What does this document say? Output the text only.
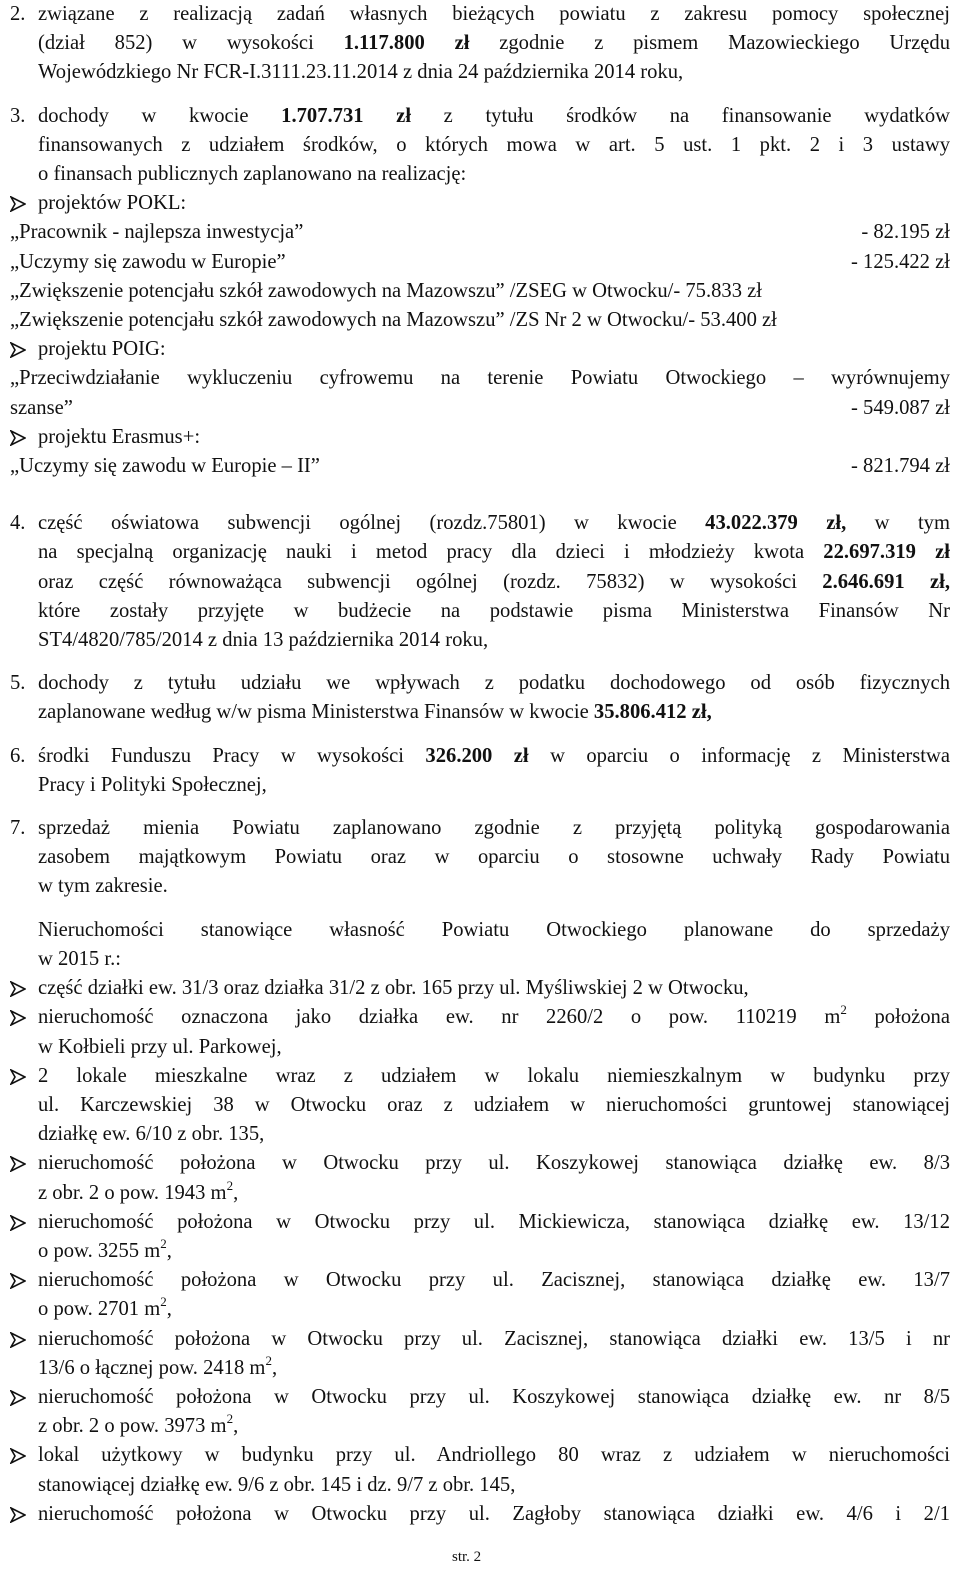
2. związane z realizacją zadań własnych bieżących powiatu z zakresu pomocy społecznej

(dział 852) w wysokości 1.117.800 zł zgodnie z pismem Mazowieckiego Urzędu

Wojewódzkiego Nr FCR-I.3111.23.11.2014 z dnia 24 października 2014 roku,

3. dochody w kwocie 1.707.731 zł z tytułu środków na finansowanie wydatków

finansowanych z udziałem środków, o których mowa w art. 5 ust. 1 pkt. 2 i 3 ustawy

o finansach publicznych zaplanowano na realizację:

projektów POKL:
„Pracownik - najlepsza inwestycja”	- 82.195 zł
„Uczymy się zawodu w Europie”	- 125.422 zł
„Zwiększenie potencjału szkół zawodowych na Mazowszu” /ZSEG w Otwocku/- 75.833 zł
„Zwiększenie potencjału szkół zawodowych na Mazowszu” /ZS Nr 2 w Otwocku/- 53.400 zł
projektu POIG:

„Przeciwdziałanie wykluczeniu cyfrowemu na terenie Powiatu Otwockiego – wyrównujemy

szanse”	- 549.087 zł
projektu Erasmus+:
„Uczymy się zawodu w Europie – II”	- 821.794 zł
4. część oświatowa subwencji ogólnej (rozdz.75801) w kwocie 43.022.379 zł, w tym

na specjalną organizację nauki i metod pracy dla dzieci i młodzieży kwota 22.697.319 zł

oraz część równoważąca subwencji ogólnej (rozdz. 75832) w wysokości 2.646.691 zł,

które zostały przyjęte w budżecie na podstawie pisma Ministerstwa Finansów Nr

ST4/4820/785/2014 z dnia 13 października 2014 roku,

5. dochody z tytułu udziału we wpływach z podatku dochodowego od osób fizycznych

zaplanowane według w/w pisma Ministerstwa Finansów w kwocie 35.806.412 zł,

6. środki Funduszu Pracy w wysokości 326.200 zł w oparciu o informację z Ministerstwa

Pracy i Polityki Społecznej,

7. sprzedaż mienia Powiatu zaplanowano zgodnie z przyjętą polityką gospodarowania

zasobem majątkowym Powiatu oraz w oparciu o stosowne uchwały Rady Powiatu

w tym zakresie.

Nieruchomości stanowiące własność Powiatu Otwockiego planowane do sprzedaży

w 2015 r.:

część działki ew. 31/3 oraz działka 31/2 z obr. 165 przy ul. Myśliwskiej 2 w Otwocku,

nieruchomość oznaczona jako działka ew. nr 2260/2 o pow. 110219 $m^2$ położona

w Kołbieli przy ul. Parkowej,

2 lokale mieszkalne wraz z udziałem w lokalu niemieszkalnym w budynku przy

ul. Karczewskiej 38 w Otwocku oraz z udziałem w nieruchomości gruntowej stanowiącej

działkę ew. 6/10 z obr. 135,

nieruchomość położona w Otwocku przy ul. Koszykowej stanowiąca działkę ew. 8/3

z obr. 2 o pow. 1943 $m^2$,

nieruchomość położona w Otwocku przy ul. Mickiewicza, stanowiąca działkę ew. 13/12

o pow. 3255 $m^2$,

nieruchomość położona w Otwocku przy ul. Zacisznej, stanowiąca działkę ew. 13/7

o pow. 2701 $m^2$,

nieruchomość położona w Otwocku przy ul. Zacisznej, stanowiąca działki ew. 13/5 i nr

13/6 o łącznej pow. 2418 $m^2$,

nieruchomość położona w Otwocku przy ul. Koszykowej stanowiąca działkę ew. nr 8/5

z obr. 2 o pow. 3973 $m^2$,

lokal użytkowy w budynku przy ul. Andriollego 80 wraz z udziałem w nieruchomości

stanowiącej działkę ew. 9/6 z obr. 145 i dz. 9/7 z obr. 145,

nieruchomość położona w Otwocku przy ul. Zagłoby stanowiąca działki ew. 4/6 i 2/1

str. 2
